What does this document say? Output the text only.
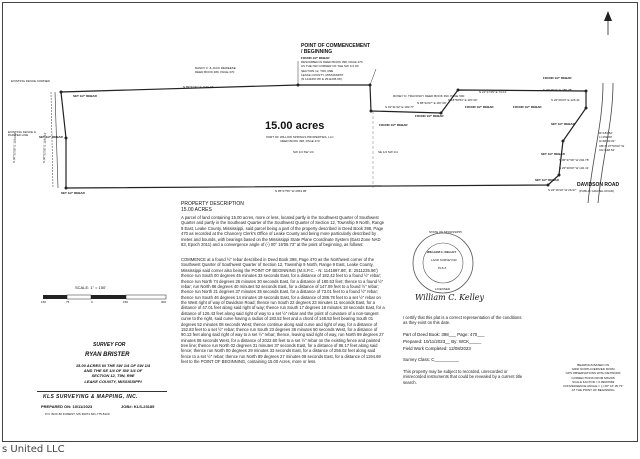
POINT OF COMMENCEMENT
/ BEGINNING
FOUND 1/2" REBAR
DESCRIBED IN DEED BOOK 398, PAGE 470
AS THE NW CORNER OF THE SW 1/4 OF
SECTION 12, T9N, R9E
LEAKE COUNTY, MISSISSIPPI
(N 1141697.86' E 2511235.96')
RANDY F. & JACK DEWEESE
DEED BOOK 380, PAGE 470
EXISTING FENCE CORNER
EXISTING FENCE & PAINTED LINE
S 00°32'58" E 1194.64'	S 00°32'58" E 1194.64'
15.00 acres
PART OF WILLOW SPRINGS PROPERTIES, LLC
DEED BOOK 398, PAGE 470
SW 1/4 SW 1/4	SE 1/4 SW 1/4
N 89°32'41" E 1169.97'
S 01°31'32" E 180.77'
ROSEY D. TRAVOSKY DEED BOOK 390, PAGE 500
N 85°42'07" E 187.09'
N 18°58'53" E 187.09'
N 21°17'25" E 73.01'	S 46°48'11" E 286.78'
S 22°29'23" E 126.41'
S 45°37'39" W 202.78'
S 23°30'00" W 102.41'
S 22°19'40" W 26.97'
N 85°27'56" W 2053.95'
SET 1/2" REBAR
FOUND 1/2" REBAR
FOUND 1/2" REBAR
FOUND 1/2" REBAR
FOUND 1/2" REBAR
FOUND 1/2" REBAR
SET 1/2" REBAR
SET 1/2" REBAR
SET 1/2" REBAR
SET 1/2" REBAR
SET 1/2" REBAR
R=183.52'
L=152.83'
Δ=48°21'01"
CB=S 07°53'04" W
CH=148.52'
DAVIDSON ROAD
(PUBLIC GRAVEL ROAD)
PROPERTY DESCRIPTION
15.00 ACRES
A parcel of land containing 15.00 acres, more or less, located partly in the Southwest Quarter of Southwest Quarter and partly in the Southeast Quarter of the Southwest Quarter of Section 12, Township 9 North, Range 9 East, Leake County, Mississippi, said parcel being a part of the property described in Deed Book 398, Page 470 as recorded at the Chancery Clerk's Office of Leake County and being more particularly described by metes and bounds, with bearings based on the Mississippi State Plane Coordinate System (East Zone NAD 83, Epoch 2011) and a convergence angle of (-) 00° 16'05.73" at the point of beginning, as follows:
COMMENCE at a found ½" rebar described in Deed Book 398, Page 470 as the Northwest corner of the Southwest Quarter of Southwest Quarter of Section 12, Township 9 North, Range 9 East, Leake County, Mississippi said corner also being the POINT OF BEGINNING (M.S.P.C. - N: 1141697.86', E: 2511235.96') thence run South 00 degrees 45 minutes 33 seconds East, for a distance of 182.42 feet to a found ½" rebar; thence run North 74 degrees 26 minutes 30 seconds East, for a distance of 180.53 feet; thence to a found ½" rebar; run North 86 degrees 40 minutes 52 seconds East, for a distance of 147.09 feet to a found ½" rebar; thence run North 21 degrees 37 minutes 35 seconds East, for a distance of 73.01 feet to a found ½" rebar; thence run South 46 degrees 14 minutes 19 seconds East, for a distance of 286.78 feet to a set ½" rebar on the West right of way of Davidson Road; thence run South 22 degrees 23 minutes 11 seconds East, for a distance of 47.01 feet along said right of way; thence run South 17 degrees 18 minutes 18 seconds East, for a distance of 126.43 feet along said right of way to a set ½" rebar and the point of curvature of a non-tangent curve to the right, said curve having a radius of 183.52 feet and a chord of 148.53 feet bearing South 01 degrees 52 minutes 08 seconds West; thence continue along said curve and right of way, for a distance of 152.83 feet to a set ½" rebar; thence run South 23 degrees 36 minutes 50 seconds West, for a distance of 90.13 feet along said right of way to a set ½" rebar; thence, leaving said right of way, run North 89 degrees 27 minutes 08 seconds West, for a distance of 2022.60 feet to a set ½" rebar on the existing fence and painted tree line; thence run North 02 degrees 31 minutes 37 seconds East, for a distance of 86.17 feet along said fence; thence run North 00 degrees 29 minutes 33 seconds East, for a distance of 256.02 feet along said fence to a set ½" rebar; thence run North 89 degrees 27 minutes 08 seconds East, for a distance of 1194.69 feet to the POINT OF BEGINNING, containing 15.00 Acres, more or less.
STATE OF MISSISSIPPI
WILLIAM C. KELLEY
LAND SURVEYOR
PLS #
LICENSED
William C. Kelley
I certify that this plat is a correct representation of the conditions as they exist on this date.
Part of Deed Book: 398___ Page: 470___
Prepared: 10/11/2023__ By: WCK_____
Field Work Completed: 12/08/2023
Survey Class: C__________
This property may be subject to recorded, unrecorded or misrecorded instruments that could be revealed by a current title search.
BEARINGS BASED ON
GRID NORTH DERIVED FROM
GPS OBSERVATIONS WITH NETWORK
CORRECTIONS FROM MSVRS
SCALE FACTOR = 0.99997983
CONVERGENCE ANGLE = (-) 00° 16' 05.73"
AT THE POINT OF BEGINNING
SCALE: 1" = 150'
150	75	0	150	300
SURVEY FOR
RYAN BRISTER
15.00 ACRES IN THE SW 1/4 OF SW 1/4
AND THE SE 1/4 OF SW 1/4 OF
SECTION 12, T9N, R9E
LEAKE COUNTY, MISSISSIPPI
KLS SURVEYING & MAPPING, INC.
PREPARED ON: 10/11/2023	JOB#: KLS-23185
P.O. BOX 80 FOREST, MS 39074 601-775-8120
s United LLC
